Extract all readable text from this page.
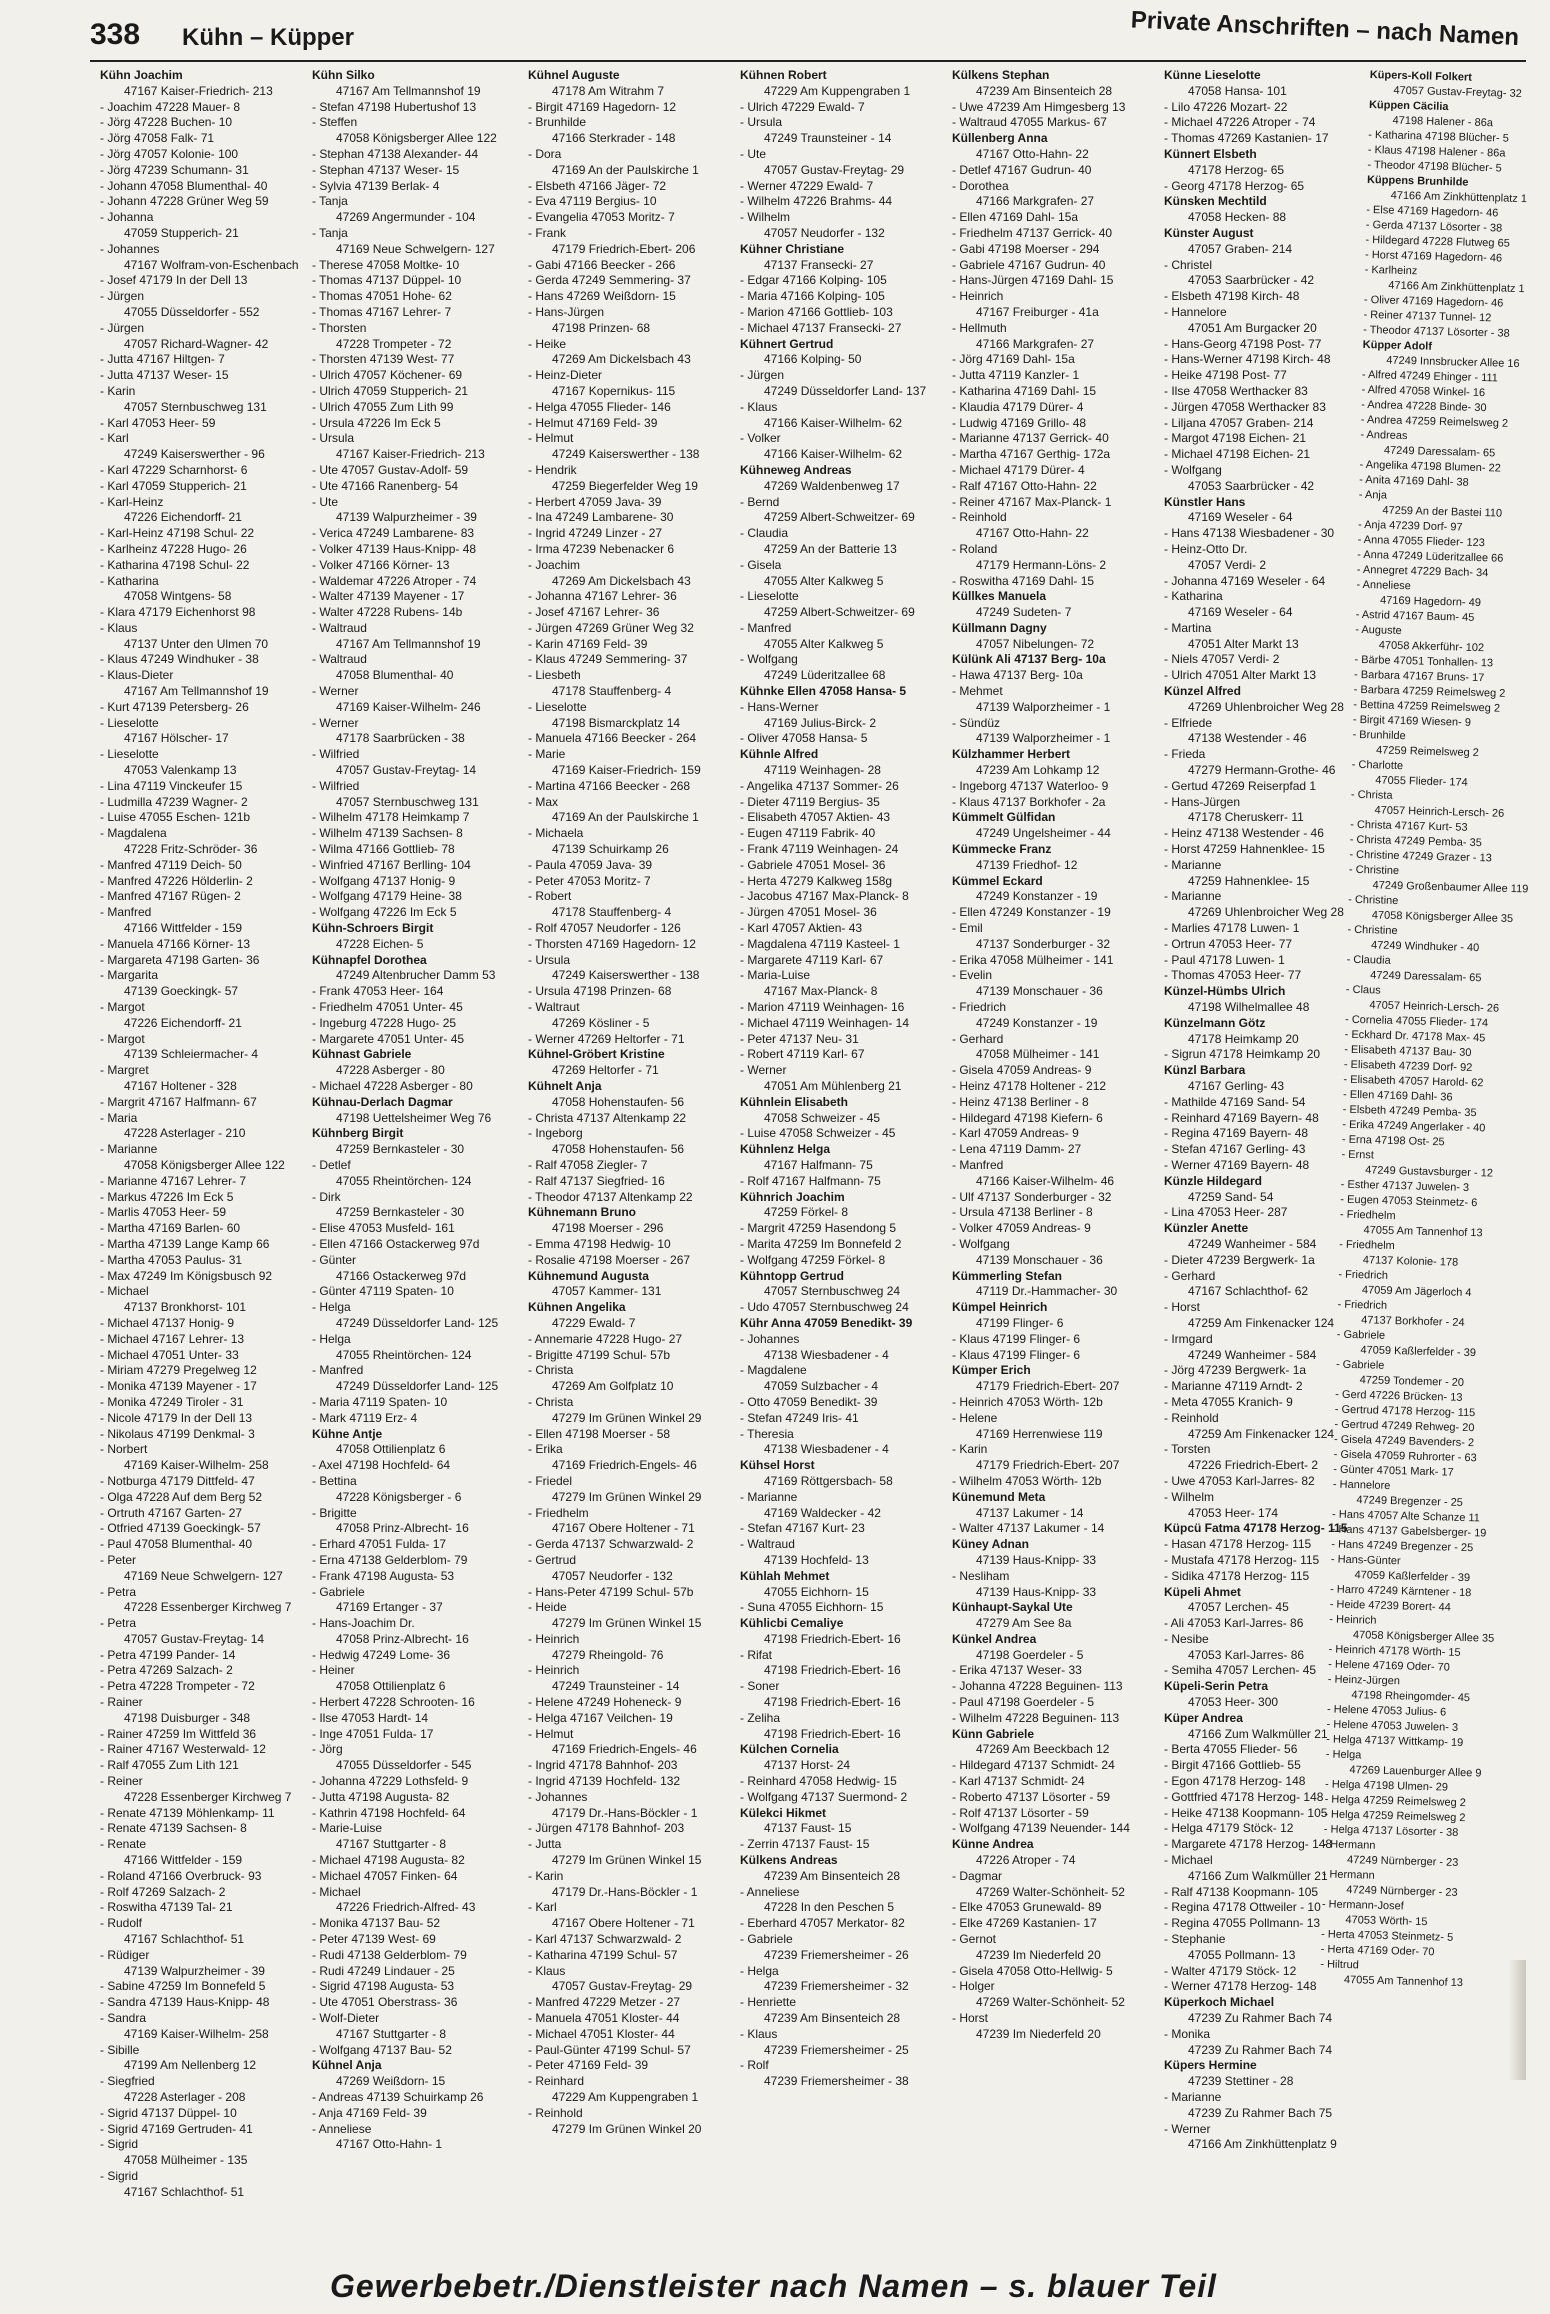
338 Kühn – Küpper	Private Anschriften – nach Namen
Kühn Joachim
47167 Kaiser-Friedrich- 213
- Joachim 47228 Mauer- 8
- Jörg 47228 Buchen- 10
- Jörg 47058 Falk- 71
- Jörg 47057 Kolonie- 100
- Jörg 47239 Schumann- 31
- Johann 47058 Blumenthal- 40
- Johann 47228 Grüner Weg 59
- Johanna
47059 Stupperich- 21
- Johannes
47167 Wolfram-von-Eschenbach
- Josef 47179 In der Dell 13
- Jürgen
47055 Düsseldorfer - 552
- Jürgen
47057 Richard-Wagner- 42
- Jutta 47167 Hiltgen- 7
- Jutta 47137 Weser- 15
- Karin
47057 Sternbuschweg 131
- Karl 47053 Heer- 59
- Karl
47249 Kaiserswerther - 96
- Karl 47229 Scharnhorst- 6
- Karl 47059 Stupperich- 21
- Karl-Heinz
47226 Eichendorff- 21
- Karl-Heinz 47198 Schul- 22
- Karlheinz 47228 Hugo- 26
- Katharina 47198 Schul- 22
- Katharina
47058 Wintgens- 58
- Klara 47179 Eichenhorst 98
- Klaus
47137 Unter den Ulmen 70
- Klaus 47249 Windhuker - 38
- Klaus-Dieter
47167 Am Tellmannshof 19
- Kurt 47139 Petersberg- 26
- Lieselotte
47167 Hölscher- 17
- Lieselotte
47053 Valenkamp 13
- Lina 47119 Vinckeufer 15
- Ludmilla 47239 Wagner- 2
- Luise 47055 Eschen- 121b
- Magdalena
47228 Fritz-Schröder- 36
- Manfred 47119 Deich- 50
- Manfred 47226 Hölderlin- 2
- Manfred 47167 Rügen- 2
- Manfred
47166 Wittfelder - 159
- Manuela 47166 Körner- 13
- Margareta 47198 Garten- 36
- Margarita
47139 Goeckingk- 57
- Margot
47226 Eichendorff- 21
- Margot
47139 Schleiermacher- 4
- Margret
47167 Holtener - 328
- Margrit 47167 Halfmann- 67
- Maria
47228 Asterlager - 210
- Marianne
47058 Königsberger Allee 122
- Marianne 47167 Lehrer- 7
- Markus 47226 Im Eck 5
- Marlis 47053 Heer- 59
- Martha 47169 Barlen- 60
- Martha 47139 Lange Kamp 66
- Martha 47053 Paulus- 31
- Max 47249 Im Königsbusch 92
- Michael
47137 Bronkhorst- 101
- Michael 47137 Honig- 9
- Michael 47167 Lehrer- 13
- Michael 47051 Unter- 33
- Miriam 47279 Pregelweg 12
- Monika 47139 Mayener - 17
- Monika 47249 Tiroler - 31
- Nicole 47179 In der Dell 13
- Nikolaus 47199 Denkmal- 3
- Norbert
47169 Kaiser-Wilhelm- 258
- Notburga 47179 Dittfeld- 47
- Olga 47228 Auf dem Berg 52
- Ortruth 47167 Garten- 27
- Otfried 47139 Goeckingk- 57
- Paul 47058 Blumenthal- 40
- Peter
47169 Neue Schwelgern- 127
- Petra
47228 Essenberger Kirchweg 7
- Petra
47057 Gustav-Freytag- 14
- Petra 47199 Pander- 14
- Petra 47269 Salzach- 2
- Petra 47228 Trompeter - 72
- Rainer
47198 Duisburger - 348
- Rainer 47259 Im Wittfeld 36
- Rainer 47167 Westerwald- 12
- Ralf 47055 Zum Lith 121
- Reiner
47228 Essenberger Kirchweg 7
- Renate 47139 Möhlenkamp- 11
- Renate 47139 Sachsen- 8
- Renate
47166 Wittfelder - 159
- Roland 47166 Overbruck- 93
- Rolf 47269 Salzach- 2
- Roswitha 47139 Tal- 21
- Rudolf
47167 Schlachthof- 51
- Rüdiger
47139 Walpurzheimer - 39
- Sabine 47259 Im Bonnefeld 5
- Sandra 47139 Haus-Knipp- 48
- Sandra
47169 Kaiser-Wilhelm- 258
- Sibille
47199 Am Nellenberg 12
- Siegfried
47228 Asterlager - 208
- Sigrid 47137 Düppel- 10
- Sigrid 47169 Gertruden- 41
- Sigrid
47058 Mülheimer - 135
- Sigrid
47167 Schlachthof- 51
Kühn Silko
47167 Am Tellmannshof 19
- Stefan 47198 Hubertushof 13
- Steffen
47058 Königsberger Allee 122
- Stephan 47138 Alexander- 44
- Stephan 47137 Weser- 15
- Sylvia 47139 Berlak- 4
- Tanja
47269 Angermunder - 104
- Tanja
47169 Neue Schwelgern- 127
- Therese 47058 Moltke- 10
- Thomas 47137 Düppel- 10
- Thomas 47051 Hohe- 62
- Thomas 47167 Lehrer- 7
- Thorsten
47228 Trompeter - 72
- Thorsten 47139 West- 77
- Ulrich 47057 Köchener- 69
- Ulrich 47059 Stupperich- 21
- Ulrich 47055 Zum Lith 99
- Ursula 47226 Im Eck 5
- Ursula
47167 Kaiser-Friedrich- 213
- Ute 47057 Gustav-Adolf- 59
- Ute 47166 Ranenberg- 54
- Ute
47139 Walpurzheimer - 39
- Verica 47249 Lambarene- 83
- Volker 47139 Haus-Knipp- 48
- Volker 47166 Körner- 13
- Waldemar 47226 Atroper - 74
- Walter 47139 Mayener - 17
- Walter 47228 Rubens- 14b
- Waltraud
47167 Am Tellmannshof 19
- Waltraud
47058 Blumenthal- 40
- Werner
47169 Kaiser-Wilhelm- 246
- Werner
47178 Saarbrücken - 38
- Wilfried
47057 Gustav-Freytag- 14
- Wilfried
47057 Sternbuschweg 131
- Wilhelm 47178 Heimkamp 7
- Wilhelm 47139 Sachsen- 8
- Wilma 47166 Gottlieb- 78
- Winfried 47167 Berlling- 104
- Wolfgang 47137 Honig- 9
- Wolfgang 47179 Heine- 38
- Wolfgang 47226 Im Eck 5
Kühn-Schroers Birgit
47228 Eichen- 5
Kühnapfel Dorothea
47249 Altenbrucher Damm 53
- Frank 47053 Heer- 164
- Friedhelm 47051 Unter- 45
- Ingeburg 47228 Hugo- 25
- Margarete 47051 Unter- 45
Kühnast Gabriele
47228 Asberger - 80
- Michael 47228 Asberger - 80
Kühnau-Derlach Dagmar
47198 Uettelsheimer Weg 76
Kühnberg Birgit
47259 Bernkasteler - 30
- Detlef
47055 Rheintörchen- 124
- Dirk
47259 Bernkasteler - 30
- Elise 47053 Musfeld- 161
- Ellen 47166 Ostackerweg 97d
- Günter
47166 Ostackerweg 97d
- Günter 47119 Spaten- 10
- Helga
47249 Düsseldorfer Land- 125
- Helga
47055 Rheintörchen- 124
- Manfred
47249 Düsseldorfer Land- 125
- Maria 47119 Spaten- 10
- Mark 47119 Erz- 4
Kühne Antje
47058 Ottilienplatz 6
- Axel 47198 Hochfeld- 64
- Bettina
47228 Königsberger - 6
- Brigitte
47058 Prinz-Albrecht- 16
- Erhard 47051 Fulda- 17
- Erna 47138 Gelderblom- 79
- Frank 47198 Augusta- 53
- Gabriele
47169 Ertanger - 37
- Hans-Joachim Dr.
47058 Prinz-Albrecht- 16
- Hedwig 47249 Lome- 36
- Heiner
47058 Ottilienplatz 6
- Herbert 47228 Schrooten- 16
- Ilse 47053 Hardt- 14
- Inge 47051 Fulda- 17
- Jörg
47055 Düsseldorfer - 545
- Johanna 47229 Lothsfeld- 9
- Jutta 47198 Augusta- 82
- Kathrin 47198 Hochfeld- 64
- Marie-Luise
47167 Stuttgarter - 8
- Michael 47198 Augusta- 82
- Michael 47057 Finken- 64
- Michael
47226 Friedrich-Alfred- 43
- Monika 47137 Bau- 52
- Peter 47139 West- 69
- Rudi 47138 Gelderblom- 79
- Rudi 47249 Lindauer - 25
- Sigrid 47198 Augusta- 53
- Ute 47051 Oberstrass- 36
- Wolf-Dieter
47167 Stuttgarter - 8
- Wolfgang 47137 Bau- 52
Kühnel Anja
47269 Weißdorn- 15
- Andreas 47139 Schuirkamp 26
- Anja 47169 Feld- 39
- Anneliese
47167 Otto-Hahn- 1
Kühnel Auguste
47178 Am Witrahm 7
- Birgit 47169 Hagedorn- 12
- Brunhilde
47166 Sterkrader - 148
- Dora
47169 An der Paulskirche 1
- Elsbeth 47166 Jäger- 72
- Eva 47119 Bergius- 10
- Evangelia 47053 Moritz- 7
- Frank
47179 Friedrich-Ebert- 206
- Gabi 47166 Beecker - 266
- Gerda 47249 Semmering- 37
- Hans 47269 Weißdorn- 15
- Hans-Jürgen
47198 Prinzen- 68
- Heike
47269 Am Dickelsbach 43
- Heinz-Dieter
47167 Kopernikus- 115
- Helga 47055 Flieder- 146
- Helmut 47169 Feld- 39
- Helmut
47249 Kaiserswerther - 138
- Hendrik
47259 Biegerfelder Weg 19
- Herbert 47059 Java- 39
- Ina 47249 Lambarene- 30
- Ingrid 47249 Linzer - 27
- Irma 47239 Nebenacker 6
- Joachim
47269 Am Dickelsbach 43
- Johanna 47167 Lehrer- 36
- Josef 47167 Lehrer- 36
- Jürgen 47269 Grüner Weg 32
- Karin 47169 Feld- 39
- Klaus 47249 Semmering- 37
- Liesbeth
47178 Stauffenberg- 4
- Lieselotte
47198 Bismarckplatz 14
- Manuela 47166 Beecker - 264
- Marie
47169 Kaiser-Friedrich- 159
- Martina 47166 Beecker - 268
- Max
47169 An der Paulskirche 1
- Michaela
47139 Schuirkamp 26
- Paula 47059 Java- 39
- Peter 47053 Moritz- 7
- Robert
47178 Stauffenberg- 4
- Rolf 47057 Neudorfer - 126
- Thorsten 47169 Hagedorn- 12
- Ursula
47249 Kaiserswerther - 138
- Ursula 47198 Prinzen- 68
- Waltraut
47269 Kösliner - 5
- Werner 47269 Heltorfer - 71
Kühnel-Gröbert Kristine
47269 Heltorfer - 71
Kühnelt Anja
47058 Hohenstaufen- 56
- Christa 47137 Altenkamp 22
- Ingeborg
47058 Hohenstaufen- 56
- Ralf 47058 Ziegler- 7
- Ralf 47137 Siegfried- 16
- Theodor 47137 Altenkamp 22
Kühnemann Bruno
47198 Moerser - 296
- Emma 47198 Hedwig- 10
- Rosalie 47198 Moerser - 267
Kühnemund Augusta
47057 Kammer- 131
Kühnen Angelika
47229 Ewald- 7
- Annemarie 47228 Hugo- 27
- Brigitte 47199 Schul- 57b
- Christa
47269 Am Golfplatz 10
- Christa
47279 Im Grünen Winkel 29
- Ellen 47198 Moerser - 58
- Erika
47169 Friedrich-Engels- 46
- Friedel
47279 Im Grünen Winkel 29
- Friedhelm
47167 Obere Holtener - 71
- Gerda 47137 Schwarzwald- 2
- Gertrud
47057 Neudorfer - 132
- Hans-Peter 47199 Schul- 57b
- Heide
47279 Im Grünen Winkel 15
- Heinrich
47279 Rheingold- 76
- Heinrich
47249 Traunsteiner - 14
- Helene 47249 Hoheneck- 9
- Helga 47167 Veilchen- 19
- Helmut
47169 Friedrich-Engels- 46
- Ingrid 47178 Bahnhof- 203
- Ingrid 47139 Hochfeld- 132
- Johannes
47179 Dr.-Hans-Böckler - 1
- Jürgen 47178 Bahnhof- 203
- Jutta
47279 Im Grünen Winkel 15
- Karin
47179 Dr.-Hans-Böckler - 1
- Karl
47167 Obere Holtener - 71
- Karl 47137 Schwarzwald- 2
- Katharina 47199 Schul- 57
- Klaus
47057 Gustav-Freytag- 29
- Manfred 47229 Metzer - 27
- Manuela 47051 Kloster- 44
- Michael 47051 Kloster- 44
- Paul-Günter 47199 Schul- 57
- Peter 47169 Feld- 39
- Reinhard
47229 Am Kuppengraben 1
- Reinhold
47279 Im Grünen Winkel 20
Kühnen Robert
47229 Am Kuppengraben 1
- Ulrich 47229 Ewald- 7
- Ursula
47249 Traunsteiner - 14
- Ute
47057 Gustav-Freytag- 29
- Werner 47229 Ewald- 7
- Wilhelm 47226 Brahms- 44
- Wilhelm
47057 Neudorfer - 132
Kühner Christiane
47137 Fransecki- 27
- Edgar 47166 Kolping- 105
- Maria 47166 Kolping- 105
- Marion 47166 Gottlieb- 103
- Michael 47137 Fransecki- 27
Kühnert Gertrud
47166 Kolping- 50
- Jürgen
47249 Düsseldorfer Land- 137
- Klaus
47166 Kaiser-Wilhelm- 62
- Volker
47166 Kaiser-Wilhelm- 62
Kühneweg Andreas
47269 Waldenbenweg 17
- Bernd
47259 Albert-Schweitzer- 69
- Claudia
47259 An der Batterie 13
- Gisela
47055 Alter Kalkweg 5
- Lieselotte
47259 Albert-Schweitzer- 69
- Manfred
47055 Alter Kalkweg 5
- Wolfgang
47249 Lüderitzallee 68
Kühnke Ellen 47058 Hansa- 5
- Hans-Werner
47169 Julius-Birck- 2
- Oliver 47058 Hansa- 5
Kühnle Alfred
47119 Weinhagen- 28
- Angelika 47137 Sommer- 26
- Dieter 47119 Bergius- 35
- Elisabeth 47057 Aktien- 43
- Eugen 47119 Fabrik- 40
- Frank 47119 Weinhagen- 24
- Gabriele 47051 Mosel- 36
- Herta 47279 Kalkweg 158g
- Jacobus 47167 Max-Planck- 8
- Jürgen 47051 Mosel- 36
- Karl 47057 Aktien- 43
- Magdalena 47119 Kasteel- 1
- Margarete 47119 Karl- 67
- Maria-Luise
47167 Max-Planck- 8
- Marion 47119 Weinhagen- 16
- Michael 47119 Weinhagen- 14
- Peter 47137 Neu- 31
- Robert 47119 Karl- 67
- Werner
47051 Am Mühlenberg 21
Kühnlein Elisabeth
47058 Schweizer - 45
- Luise 47058 Schweizer - 45
Kühnlenz Helga
47167 Halfmann- 75
- Rolf 47167 Halfmann- 75
Kühnrich Joachim
47259 Förkel- 8
- Margrit 47259 Hasendong 5
- Marita 47259 Im Bonnefeld 2
- Wolfgang 47259 Förkel- 8
Kühntopp Gertrud
47057 Sternbuschweg 24
- Udo 47057 Sternbuschweg 24
Kühr Anna 47059 Benedikt- 39
- Johannes
47138 Wiesbadener - 4
- Magdalene
47059 Sulzbacher - 4
- Otto 47059 Benedikt- 39
- Stefan 47249 Iris- 41
- Theresia
47138 Wiesbadener - 4
Kühsel Horst
47169 Röttgersbach- 58
- Marianne
47169 Waldecker - 42
- Stefan 47167 Kurt- 23
- Waltraud
47139 Hochfeld- 13
Kühlah Mehmet
47055 Eichhorn- 15
- Suna 47055 Eichhorn- 15
Kühlicbi Cemaliye
47198 Friedrich-Ebert- 16
- Rifat
47198 Friedrich-Ebert- 16
- Soner
47198 Friedrich-Ebert- 16
- Zeliha
47198 Friedrich-Ebert- 16
Külchen Cornelia
47137 Horst- 24
- Reinhard 47058 Hedwig- 15
- Wolfgang 47137 Suermond- 2
Külekci Hikmet
47137 Faust- 15
- Zerrin 47137 Faust- 15
Külkens Andreas
47239 Am Binsenteich 28
- Anneliese
47228 In den Peschen 5
- Eberhard 47057 Merkator- 82
- Gabriele
47239 Friemersheimer - 26
- Helga
47239 Friemersheimer - 32
- Henriette
47239 Am Binsenteich 28
- Klaus
47239 Friemersheimer - 25
- Rolf
47239 Friemersheimer - 38
Külkens Stephan
47239 Am Binsenteich 28
- Uwe 47239 Am Himgesberg 13
- Waltraud 47055 Markus- 67
Küllenberg Anna
47167 Otto-Hahn- 22
- Detlef 47167 Gudrun- 40
- Dorothea
47166 Markgrafen- 27
- Ellen 47169 Dahl- 15a
- Friedhelm 47137 Gerrick- 40
- Gabi 47198 Moerser - 294
- Gabriele 47167 Gudrun- 40
- Hans-Jürgen 47169 Dahl- 15
- Heinrich
47167 Freiburger - 41a
- Hellmuth
47166 Markgrafen- 27
- Jörg 47169 Dahl- 15a
- Jutta 47119 Kanzler- 1
- Katharina 47169 Dahl- 15
- Klaudia 47179 Dürer- 4
- Ludwig 47169 Grillo- 48
- Marianne 47137 Gerrick- 40
- Martha 47167 Gerthig- 172a
- Michael 47179 Dürer- 4
- Ralf 47167 Otto-Hahn- 22
- Reiner 47167 Max-Planck- 1
- Reinhold
47167 Otto-Hahn- 22
- Roland
47179 Hermann-Löns- 2
- Roswitha 47169 Dahl- 15
Küllkes Manuela
47249 Sudeten- 7
Küllmann Dagny
47057 Nibelungen- 72
Külünk Ali 47137 Berg- 10a
- Hawa 47137 Berg- 10a
- Mehmet
47139 Walporzheimer - 1
- Sündüz
47139 Walporzheimer - 1
Külzhammer Herbert
47239 Am Lohkamp 12
- Ingeborg 47137 Waterloo- 9
- Klaus 47137 Borkhofer - 2a
Kümmelt Gülfidan
47249 Ungelsheimer - 44
Kümmecke Franz
47139 Friedhof- 12
Kümmel Eckard
47249 Konstanzer - 19
- Ellen 47249 Konstanzer - 19
- Emil
47137 Sonderburger - 32
- Erika 47058 Mülheimer - 141
- Evelin
47139 Monschauer - 36
- Friedrich
47249 Konstanzer - 19
- Gerhard
47058 Mülheimer - 141
- Gisela 47059 Andreas- 9
- Heinz 47178 Holtener - 212
- Heinz 47138 Berliner - 8
- Hildegard 47198 Kiefern- 6
- Karl 47059 Andreas- 9
- Lena 47119 Damm- 27
- Manfred
47166 Kaiser-Wilhelm- 46
- Ulf 47137 Sonderburger - 32
- Ursula 47138 Berliner - 8
- Volker 47059 Andreas- 9
- Wolfgang
47139 Monschauer - 36
Kümmerling Stefan
47119 Dr.-Hammacher- 30
Kümpel Heinrich
47199 Flinger- 6
- Klaus 47199 Flinger- 6
- Klaus 47199 Flinger- 6
Kümper Erich
47179 Friedrich-Ebert- 207
- Heinrich 47053 Wörth- 12b
- Helene
47169 Herrenwiese 119
- Karin
47179 Friedrich-Ebert- 207
- Wilhelm 47053 Wörth- 12b
Künemund Meta
47137 Lakumer - 14
- Walter 47137 Lakumer - 14
Küney Adnan
47139 Haus-Knipp- 33
- Nesliham
47139 Haus-Knipp- 33
Künhaupt-Saykal Ute
47279 Am See 8a
Künkel Andrea
47198 Goerdeler - 5
- Erika 47137 Weser- 33
- Johanna 47228 Beguinen- 113
- Paul 47198 Goerdeler - 5
- Wilhelm 47228 Beguinen- 113
Künn Gabriele
47269 Am Beeckbach 12
- Hildegard 47137 Schmidt- 24
- Karl 47137 Schmidt- 24
- Roberto 47137 Lösorter - 59
- Rolf 47137 Lösorter - 59
- Wolfgang 47139 Neuender- 144
Künne Andrea
47226 Atroper - 74
- Dagmar
47269 Walter-Schönheit- 52
- Elke 47053 Grunewald- 89
- Elke 47269 Kastanien- 17
- Gernot
47239 Im Niederfeld 20
- Gisela 47058 Otto-Hellwig- 5
- Holger
47269 Walter-Schönheit- 52
- Horst
47239 Im Niederfeld 20
Künne Lieselotte
47058 Hansa- 101
- Lilo 47226 Mozart- 22
- Michael 47226 Atroper - 74
- Thomas 47269 Kastanien- 17
Künnert Elsbeth
47178 Herzog- 65
- Georg 47178 Herzog- 65
Künsken Mechtild
47058 Hecken- 88
Künster August
47057 Graben- 214
- Christel
47053 Saarbrücker - 42
- Elsbeth 47198 Kirch- 48
- Hannelore
47051 Am Burgacker 20
- Hans-Georg 47198 Post- 77
- Hans-Werner 47198 Kirch- 48
- Heike 47198 Post- 77
- Ilse 47058 Werthacker 83
- Jürgen 47058 Werthacker 83
- Liljana 47057 Graben- 214
- Margot 47198 Eichen- 21
- Michael 47198 Eichen- 21
- Wolfgang
47053 Saarbrücker - 42
Künstler Hans
47169 Weseler - 64
- Hans 47138 Wiesbadener - 30
- Heinz-Otto Dr.
47057 Verdi- 2
- Johanna 47169 Weseler - 64
- Katharina
47169 Weseler - 64
- Martina
47051 Alter Markt 13
- Niels 47057 Verdi- 2
- Ulrich 47051 Alter Markt 13
Künzel Alfred
47269 Uhlenbroicher Weg 28
- Elfriede
47138 Westender - 46
- Frieda
47279 Hermann-Grothe- 46
- Gertud 47269 Reiserpfad 1
- Hans-Jürgen
47178 Cheruskerr- 11
- Heinz 47138 Westender - 46
- Horst 47259 Hahnenklee- 15
- Marianne
47259 Hahnenklee- 15
- Marianne
47269 Uhlenbroicher Weg 28
- Marlies 47178 Luwen- 1
- Ortrun 47053 Heer- 77
- Paul 47178 Luwen- 1
- Thomas 47053 Heer- 77
Künzel-Hümbs Ulrich
47198 Wilhelmallee 48
Künzelmann Götz
47178 Heimkamp 20
- Sigrun 47178 Heimkamp 20
Künzl Barbara
47167 Gerling- 43
- Mathilde 47169 Sand- 54
- Reinhard 47169 Bayern- 48
- Regina 47169 Bayern- 48
- Stefan 47167 Gerling- 43
- Werner 47169 Bayern- 48
Künzle Hildegard
47259 Sand- 54
- Lina 47053 Heer- 287
Künzler Anette
47249 Wanheimer - 584
- Dieter 47239 Bergwerk- 1a
- Gerhard
47167 Schlachthof- 62
- Horst
47259 Am Finkenacker 124
- Irmgard
47249 Wanheimer - 584
- Jörg 47239 Bergwerk- 1a
- Marianne 47119 Arndt- 2
- Meta 47055 Kranich- 9
- Reinhold
47259 Am Finkenacker 124
- Torsten
47226 Friedrich-Ebert- 2
- Uwe 47053 Karl-Jarres- 82
- Wilhelm
47053 Heer- 174
Küpcü Fatma 47178 Herzog- 115
- Hasan 47178 Herzog- 115
- Mustafa 47178 Herzog- 115
- Sidika 47178 Herzog- 115
Küpeli Ahmet
47057 Lerchen- 45
- Ali 47053 Karl-Jarres- 86
- Nesibe
47053 Karl-Jarres- 86
- Semiha 47057 Lerchen- 45
Küpeli-Serin Petra
47053 Heer- 300
Küper Andrea
47166 Zum Walkmüller 21
- Berta 47055 Flieder- 56
- Birgit 47166 Gottlieb- 55
- Egon 47178 Herzog- 148
- Gottfried 47178 Herzog- 148
- Heike 47138 Koopmann- 105
- Helga 47179 Stöck- 12
- Margarete 47178 Herzog- 148
- Michael
47166 Zum Walkmüller 21
- Ralf 47138 Koopmann- 105
- Regina 47178 Ottweiler - 10
- Regina 47055 Pollmann- 13
- Stephanie
47055 Pollmann- 13
- Walter 47179 Stöck- 12
- Werner 47178 Herzog- 148
Küperkoch Michael
47239 Zu Rahmer Bach 74
- Monika
47239 Zu Rahmer Bach 74
Küpers Hermine
47239 Stettiner - 28
- Marianne
47239 Zu Rahmer Bach 75
- Werner
47166 Am Zinkhüttenplatz 9
Küpers-Koll Folkert
47057 Gustav-Freytag- 32
Küppen Cäcilia
47198 Halener - 86a
- Katharina 47198 Blücher- 5
- Klaus 47198 Halener - 86a
- Theodor 47198 Blücher- 5
Küppens Brunhilde
47166 Am Zinkhüttenplatz 1
- Else 47169 Hagedorn- 46
- Gerda 47137 Lösorter - 38
- Hildegard 47228 Flutweg 65
- Horst 47169 Hagedorn- 46
- Karlheinz
47166 Am Zinkhüttenplatz 1
- Oliver 47169 Hagedorn- 46
- Reiner 47137 Tunnel- 12
- Theodor 47137 Lösorter - 38
Küpper Adolf
47249 Innsbrucker Allee 16
- Alfred 47249 Ehinger - 111
- Alfred 47058 Winkel- 16
- Andrea 47228 Binde- 30
- Andrea 47259 Reimelsweg 2
- Andreas
47249 Daressalam- 65
- Angelika 47198 Blumen- 22
- Anita 47169 Dahl- 38
- Anja
47259 An der Bastei 110
- Anja 47239 Dorf- 97
- Anna 47055 Flieder- 123
- Anna 47249 Lüderitzallee 66
- Annegret 47229 Bach- 34
- Anneliese
47169 Hagedorn- 49
- Astrid 47167 Baum- 45
- Auguste
47058 Akkerführ- 102
- Bärbe 47051 Tonhallen- 13
- Barbara 47167 Bruns- 17
- Barbara 47259 Reimelsweg 2
- Bettina 47259 Reimelsweg 2
- Birgit 47169 Wiesen- 9
- Brunhilde
47259 Reimelsweg 2
- Charlotte
47055 Flieder- 174
- Christa
47057 Heinrich-Lersch- 26
- Christa 47167 Kurt- 53
- Christa 47249 Pemba- 35
- Christine 47249 Grazer - 13
- Christine
47249 Großenbaumer Allee 119
- Christine
47058 Königsberger Allee 35
- Christine
47249 Windhuker - 40
- Claudia
47249 Daressalam- 65
- Claus
47057 Heinrich-Lersch- 26
- Cornelia 47055 Flieder- 174
- Eckhard Dr. 47178 Max- 45
- Elisabeth 47137 Bau- 30
- Elisabeth 47239 Dorf- 92
- Elisabeth 47057 Harold- 62
- Ellen 47169 Dahl- 36
- Elsbeth 47249 Pemba- 35
- Erika 47249 Angerlaker - 40
- Erna 47198 Ost- 25
- Ernst
47249 Gustavsburger - 12
- Esther 47137 Juwelen- 3
- Eugen 47053 Steinmetz- 6
- Friedhelm
47055 Am Tannenhof 13
- Friedhelm
47137 Kolonie- 178
- Friedrich
47059 Am Jägerloch 4
- Friedrich
47137 Borkhofer - 24
- Gabriele
47059 Kaßlerfelder - 39
- Gabriele
47259 Tondemer - 20
- Gerd 47226 Brücken- 13
- Gertrud 47178 Herzog- 115
- Gertrud 47249 Rehweg- 20
- Gisela 47249 Bavenders- 2
- Gisela 47059 Ruhrorter - 63
- Günter 47051 Mark- 17
- Hannelore
47249 Bregenzer - 25
- Hans 47057 Alte Schanze 11
- Hans 47137 Gabelsberger- 19
- Hans 47249 Bregenzer - 25
- Hans-Günter
47059 Kaßlerfelder - 39
- Harro 47249 Kärntener - 18
- Heide 47239 Borert- 44
- Heinrich
47058 Königsberger Allee 35
- Heinrich 47178 Wörth- 15
- Helene 47169 Oder- 70
- Heinz-Jürgen
47198 Rheingomder- 45
- Helene 47053 Julius- 6
- Helene 47053 Juwelen- 3
- Helga 47137 Wittkamp- 19
- Helga
47269 Lauenburger Allee 9
- Helga 47198 Ulmen- 29
- Helga 47259 Reimelsweg 2
- Helga 47259 Reimelsweg 2
- Helga 47137 Lösorter - 38
- Hermann
47249 Nürnberger - 23
- Hermann
47249 Nürnberger - 23
- Hermann-Josef
47053 Wörth- 15
- Herta 47053 Steinmetz- 5
- Herta 47169 Oder- 70
- Hiltrud
47055 Am Tannenhof 13
Gewerbebetr./Dienstleister nach Namen – s. blauer Teil
